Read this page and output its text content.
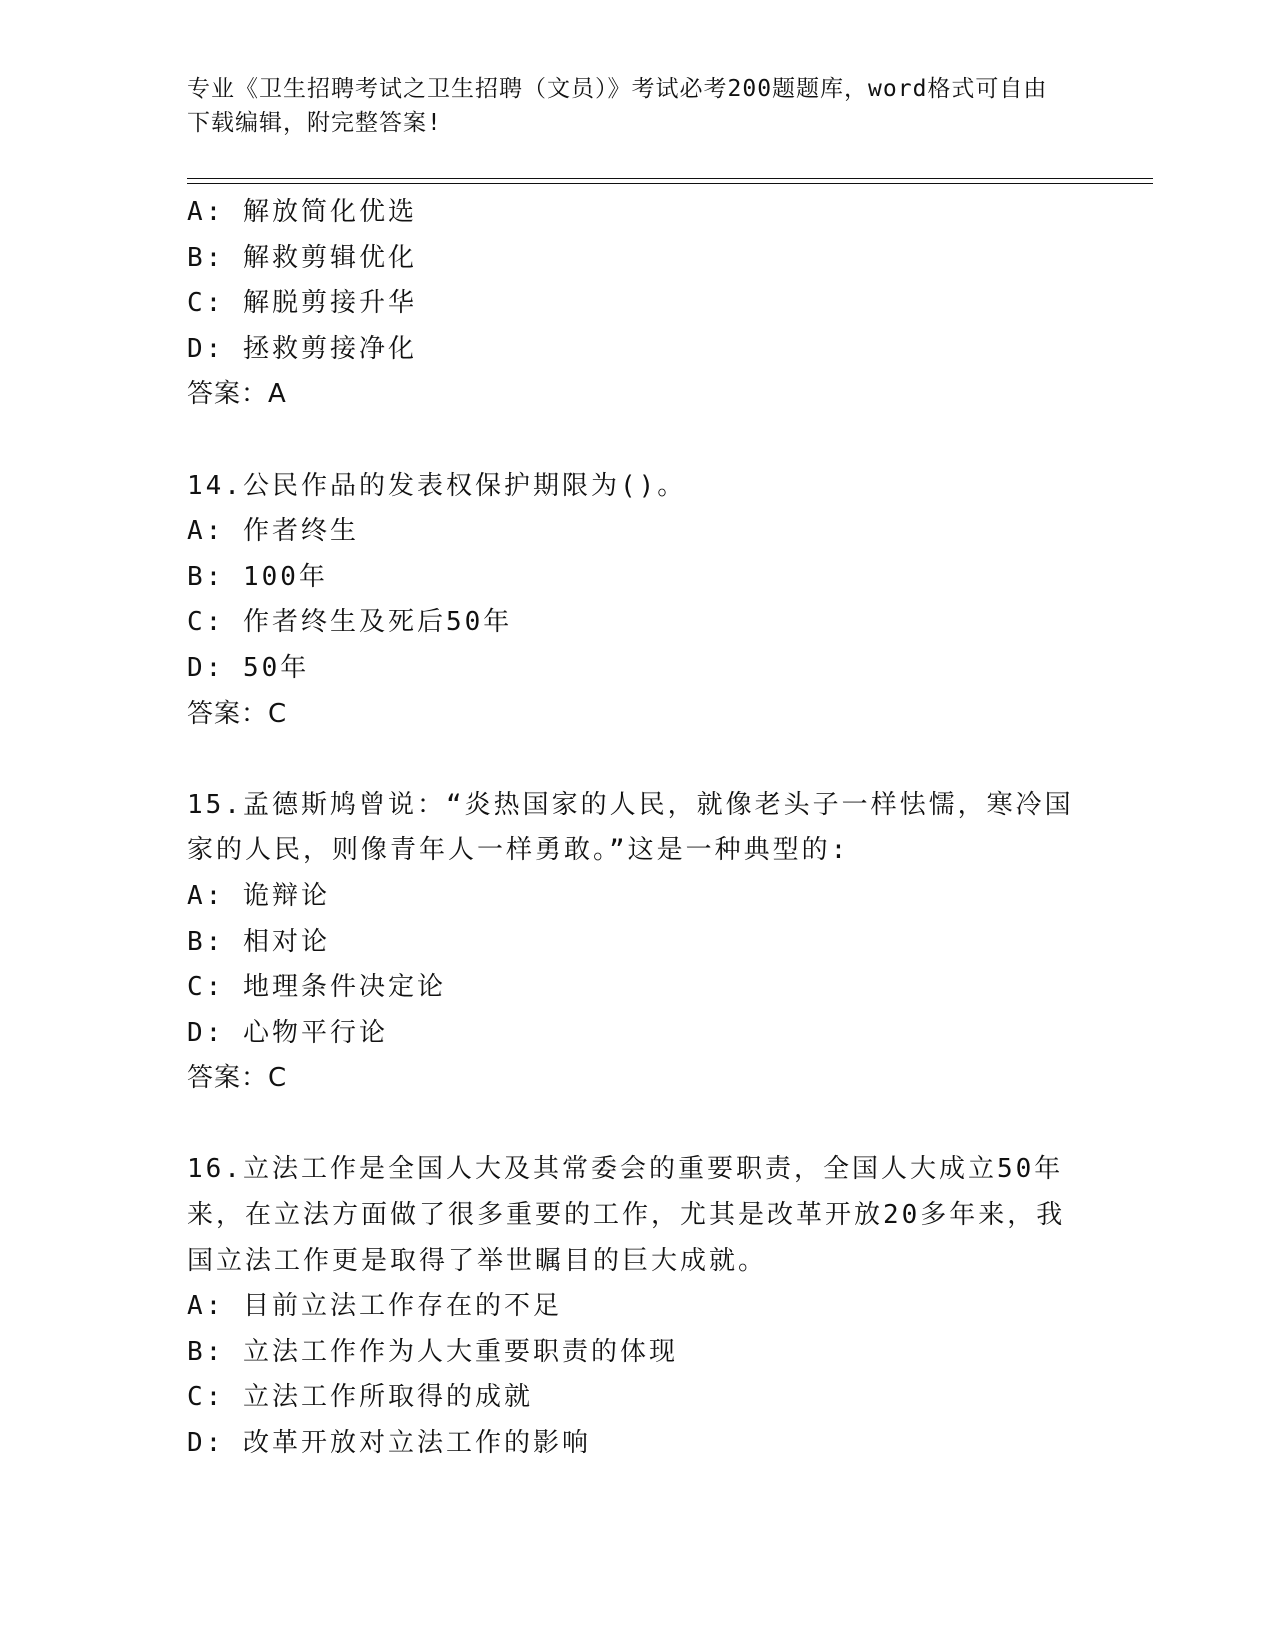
专业《卫生招聘考试之卫生招聘（文员）》考试必考200题题库，word格式可自由下载编辑，附完整答案!
A: 解放简化优选
B: 解救剪辑优化
C: 解脱剪接升华
D: 拯救剪接净化
答案：A
14.公民作品的发表权保护期限为()。
A: 作者终生
B: 100年
C: 作者终生及死后50年
D: 50年
答案：C
15.孟德斯鸠曾说：“炎热国家的人民，就像老头子一样怯懦，寒冷国
家的人民，则像青年人一样勇敢。”这是一种典型的:
A: 诡辩论
B: 相对论
C: 地理条件决定论
D: 心物平行论
答案：C
16.立法工作是全国人大及其常委会的重要职责，全国人大成立50年
来，在立法方面做了很多重要的工作，尤其是改革开放20多年来，我
国立法工作更是取得了举世瞩目的巨大成就。
A: 目前立法工作存在的不足
B: 立法工作作为人大重要职责的体现
C: 立法工作所取得的成就
D: 改革开放对立法工作的影响
